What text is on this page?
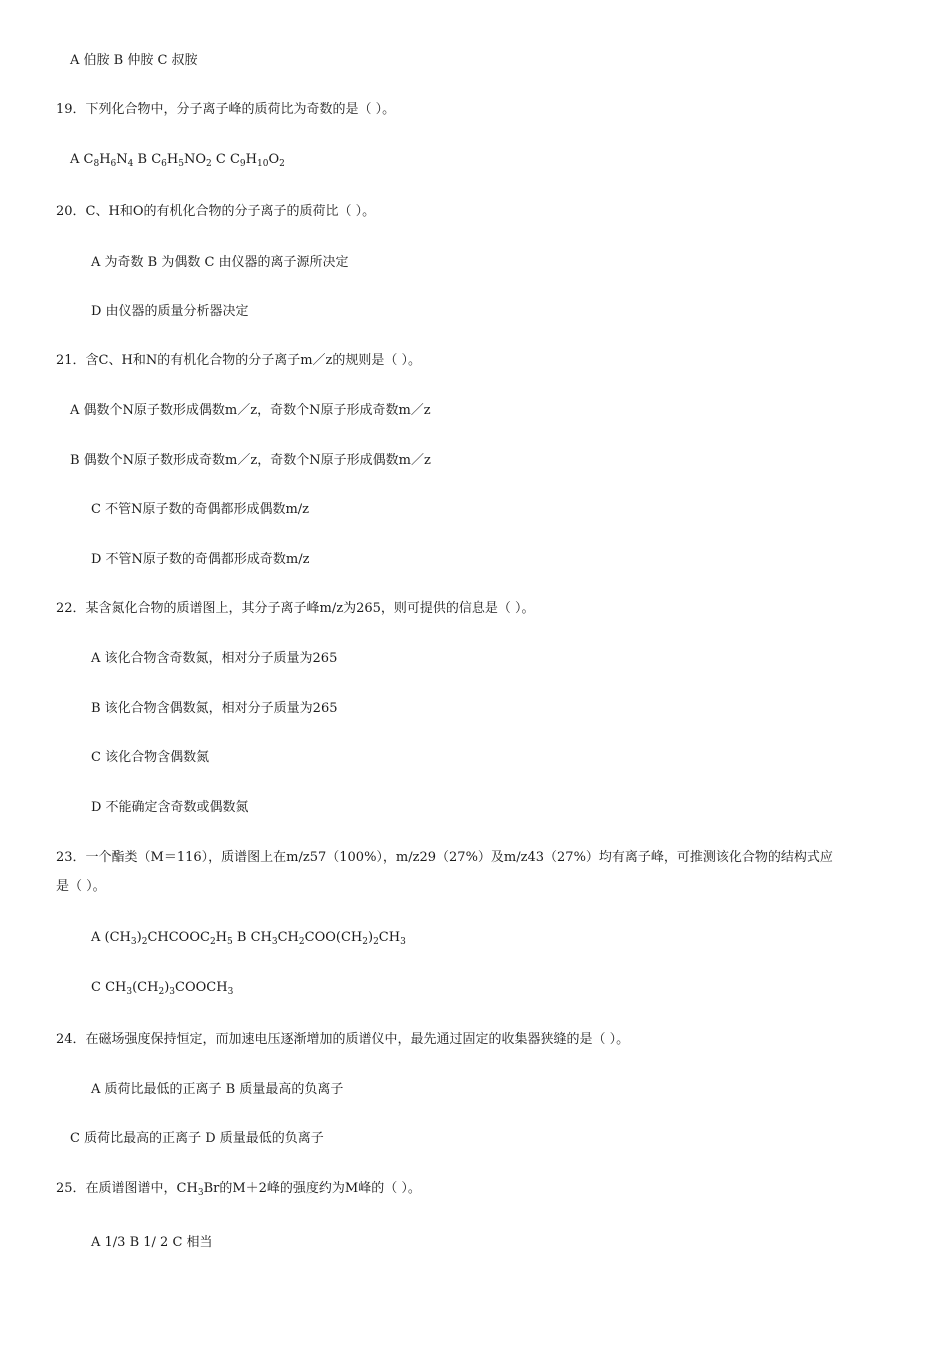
A 伯胺 B 仲胺 C 叔胺
19．下列化合物中，分子离子峰的质荷比为奇数的是（ ）。
A $C_8H_6N_4$ B $C_6H_5NO_2$ C $C_9H_{10}O_2$
20．C、H和O的有机化合物的分子离子的质荷比（ ）。
A 为奇数 B 为偶数 C 由仪器的离子源所决定
D 由仪器的质量分析器决定
21．含C、H和N的有机化合物的分子离子m／z的规则是（ ）。
A 偶数个N原子数形成偶数m／z，奇数个N原子形成奇数m／z
B 偶数个N原子数形成奇数m／z，奇数个N原子形成偶数m／z
C 不管N原子数的奇偶都形成偶数m/z
D 不管N原子数的奇偶都形成奇数m/z
22．某含氮化合物的质谱图上，其分子离子峰m/z为265，则可提供的信息是（ ）。
A 该化合物含奇数氮，相对分子质量为265
B 该化合物含偶数氮，相对分子质量为265
C 该化合物含偶数氮
D 不能确定含奇数或偶数氮
23．一个酯类（M＝116），质谱图上在m/z57（100%），m/z29（27%）及m/z43（27%）均有离子峰，可推测该化合物的结构式应
是（ ）。
A $(CH_3)_2CHCOOC_2H_5$ B $CH_3CH_2COO(CH_2)_2CH_3$
C $CH_3(CH_2)_3COOCH_3$
24．在磁场强度保持恒定，而加速电压逐渐增加的质谱仪中，最先通过固定的收集器狭缝的是（ ）。
A 质荷比最低的正离子 B 质量最高的负离子
C 质荷比最高的正离子 D 质量最低的负离子
25．在质谱图谱中，$CH_3Br$的M＋2峰的强度约为M峰的（ ）。
A 1/3 B 1/ 2 C 相当
